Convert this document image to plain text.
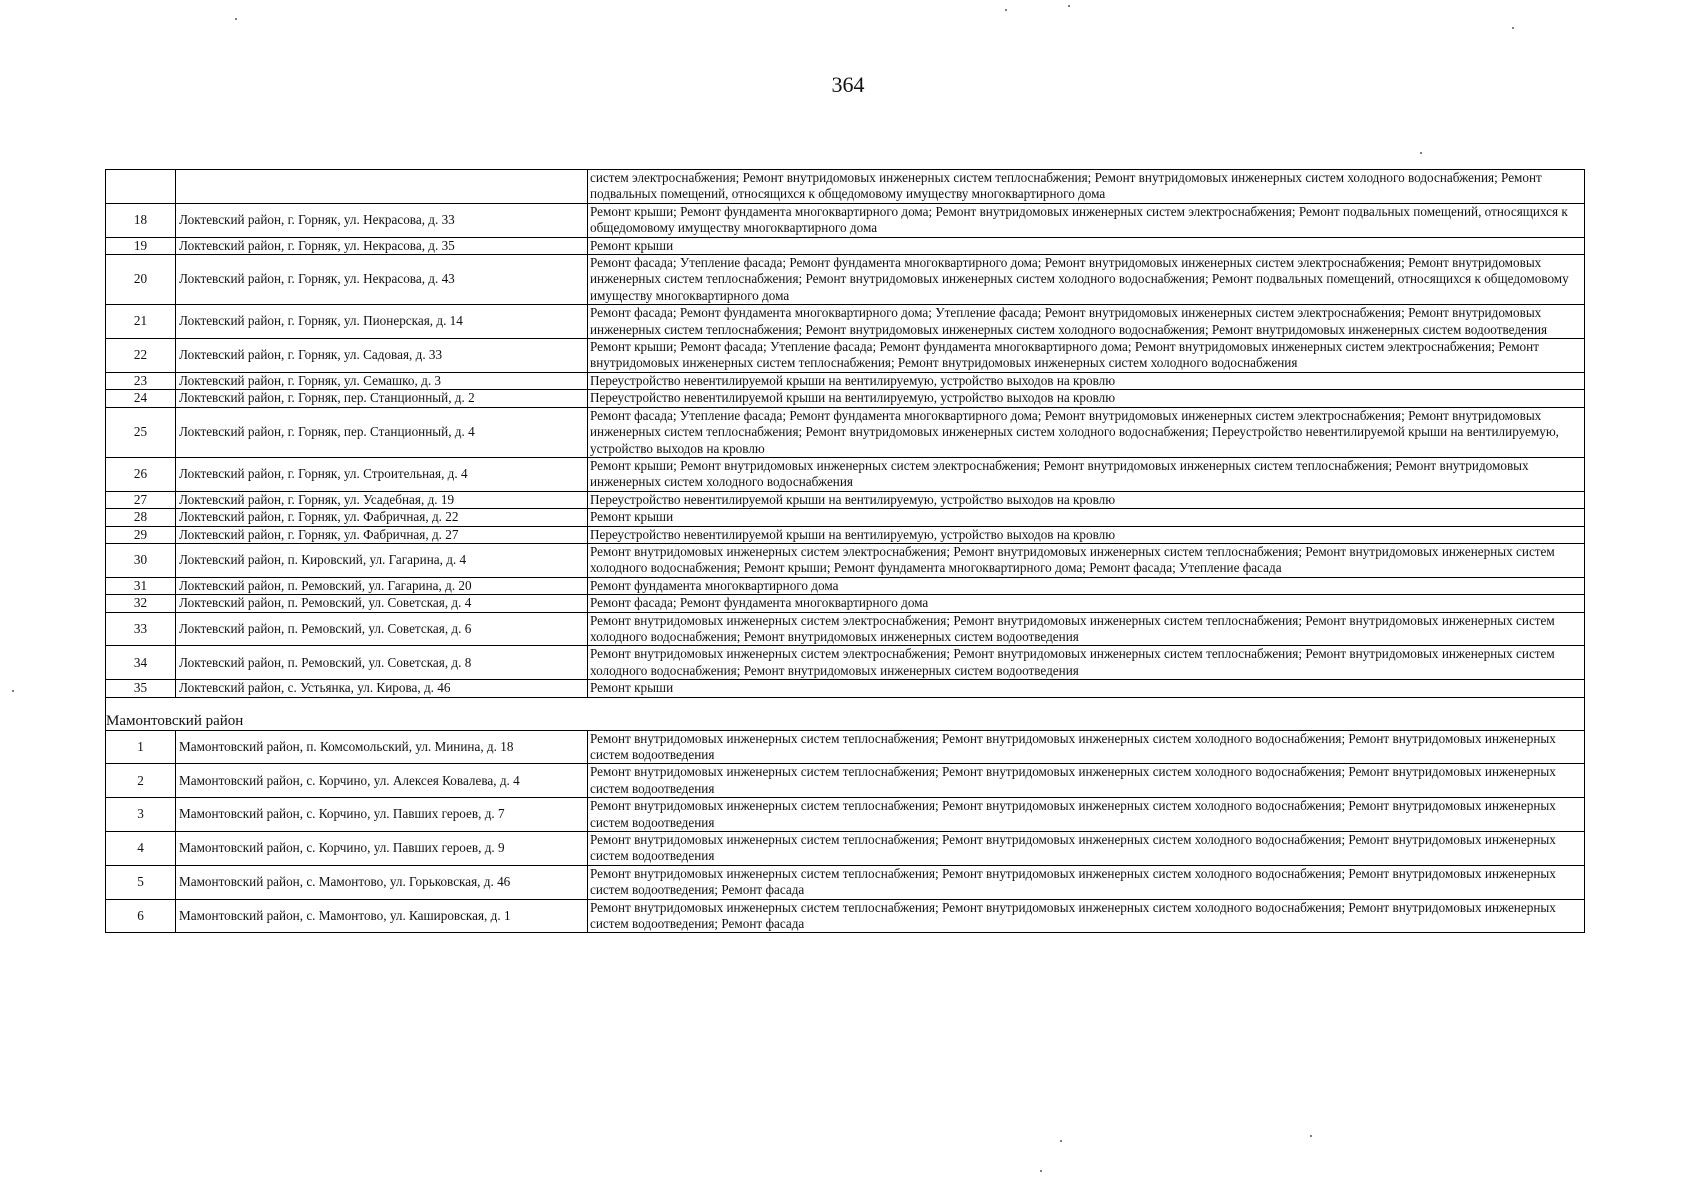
364
		систем электроснабжения; Ремонт внутридомовых инженерных систем теплоснабжения; Ремонт внутридомовых инженерных систем холодного водоснабжения; Ремонт подвальных помещений, относящихся к общедомовому имуществу многоквартирного дома
18	Локтевский район, г. Горняк, ул. Некрасова, д. 33	Ремонт крыши; Ремонт фундамента многоквартирного дома; Ремонт внутридомовых инженерных систем электроснабжения; Ремонт подвальных помещений, относящихся к общедомовому имуществу многоквартирного дома
19	Локтевский район, г. Горняк, ул. Некрасова, д. 35	Ремонт крыши
20	Локтевский район, г. Горняк, ул. Некрасова, д. 43	Ремонт фасада; Утепление фасада; Ремонт фундамента многоквартирного дома; Ремонт внутридомовых инженерных систем электроснабжения; Ремонт внутридомовых инженерных систем теплоснабжения; Ремонт внутридомовых инженерных систем холодного водоснабжения; Ремонт подвальных помещений, относящихся к общедомовому имуществу многоквартирного дома
21	Локтевский район, г. Горняк, ул. Пионерская, д. 14	Ремонт фасада; Ремонт фундамента многоквартирного дома; Утепление фасада; Ремонт внутридомовых инженерных систем электроснабжения; Ремонт внутридомовых инженерных систем теплоснабжения; Ремонт внутридомовых инженерных систем холодного водоснабжения; Ремонт внутридомовых инженерных систем водоотведения
22	Локтевский район, г. Горняк, ул. Садовая, д. 33	Ремонт крыши; Ремонт фасада; Утепление фасада; Ремонт фундамента многоквартирного дома; Ремонт внутридомовых инженерных систем электроснабжения; Ремонт внутридомовых инженерных систем теплоснабжения; Ремонт внутридомовых инженерных систем холодного водоснабжения
23	Локтевский район, г. Горняк, ул. Семашко, д. 3	Переустройство невентилируемой крыши на вентилируемую, устройство выходов на кровлю
24	Локтевский район, г. Горняк, пер. Станционный, д. 2	Переустройство невентилируемой крыши на вентилируемую, устройство выходов на кровлю
25	Локтевский район, г. Горняк, пер. Станционный, д. 4	Ремонт фасада; Утепление фасада; Ремонт фундамента многоквартирного дома; Ремонт внутридомовых инженерных систем электроснабжения; Ремонт внутридомовых инженерных систем теплоснабжения; Ремонт внутридомовых инженерных систем холодного водоснабжения; Переустройство невентилируемой крыши на вентилируемую, устройство выходов на кровлю
26	Локтевский район, г. Горняк, ул. Строительная, д. 4	Ремонт крыши; Ремонт внутридомовых инженерных систем электроснабжения; Ремонт внутридомовых инженерных систем теплоснабжения; Ремонт внутридомовых инженерных систем холодного водоснабжения
27	Локтевский район, г. Горняк, ул. Усадебная, д. 19	Переустройство невентилируемой крыши на вентилируемую, устройство выходов на кровлю
28	Локтевский район, г. Горняк, ул. Фабричная, д. 22	Ремонт крыши
29	Локтевский район, г. Горняк, ул. Фабричная, д. 27	Переустройство невентилируемой крыши на вентилируемую, устройство выходов на кровлю
30	Локтевский район, п. Кировский, ул. Гагарина, д. 4	Ремонт внутридомовых инженерных систем электроснабжения; Ремонт внутридомовых инженерных систем теплоснабжения; Ремонт внутридомовых инженерных систем холодного водоснабжения; Ремонт крыши; Ремонт фундамента многоквартирного дома; Ремонт фасада; Утепление фасада
31	Локтевский район, п. Ремовский, ул. Гагарина, д. 20	Ремонт фундамента многоквартирного дома
32	Локтевский район, п. Ремовский, ул. Советская, д. 4	Ремонт фасада; Ремонт фундамента многоквартирного дома
33	Локтевский район, п. Ремовский, ул. Советская, д. 6	Ремонт внутридомовых инженерных систем электроснабжения; Ремонт внутридомовых инженерных систем теплоснабжения; Ремонт внутридомовых инженерных систем холодного водоснабжения; Ремонт внутридомовых инженерных систем водоотведения
34	Локтевский район, п. Ремовский, ул. Советская, д. 8	Ремонт внутридомовых инженерных систем электроснабжения; Ремонт внутридомовых инженерных систем теплоснабжения; Ремонт внутридомовых инженерных систем холодного водоснабжения; Ремонт внутридомовых инженерных систем водоотведения
35	Локтевский район, с. Устьянка, ул. Кирова, д. 46	Ремонт крыши
Мамонтовский район		
1	Мамонтовский район, п. Комсомольский, ул. Минина, д. 18	Ремонт внутридомовых инженерных систем теплоснабжения; Ремонт внутридомовых инженерных систем холодного водоснабжения; Ремонт внутридомовых инженерных систем водоотведения
2	Мамонтовский район, с. Корчино, ул. Алексея Ковалева, д. 4	Ремонт внутридомовых инженерных систем теплоснабжения; Ремонт внутридомовых инженерных систем холодного водоснабжения; Ремонт внутридомовых инженерных систем водоотведения
3	Мамонтовский район, с. Корчино, ул. Павших героев, д. 7	Ремонт внутридомовых инженерных систем теплоснабжения; Ремонт внутридомовых инженерных систем холодного водоснабжения; Ремонт внутридомовых инженерных систем водоотведения
4	Мамонтовский район, с. Корчино, ул. Павших героев, д. 9	Ремонт внутридомовых инженерных систем теплоснабжения; Ремонт внутридомовых инженерных систем холодного водоснабжения; Ремонт внутридомовых инженерных систем водоотведения
5	Мамонтовский район, с. Мамонтово, ул. Горьковская, д. 46	Ремонт внутридомовых инженерных систем теплоснабжения; Ремонт внутридомовых инженерных систем холодного водоснабжения; Ремонт внутридомовых инженерных систем водоотведения; Ремонт фасада
6	Мамонтовский район, с. Мамонтово, ул. Кашировская, д. 1	Ремонт внутридомовых инженерных систем теплоснабжения; Ремонт внутридомовых инженерных систем холодного водоснабжения; Ремонт внутридомовых инженерных систем водоотведения; Ремонт фасада
